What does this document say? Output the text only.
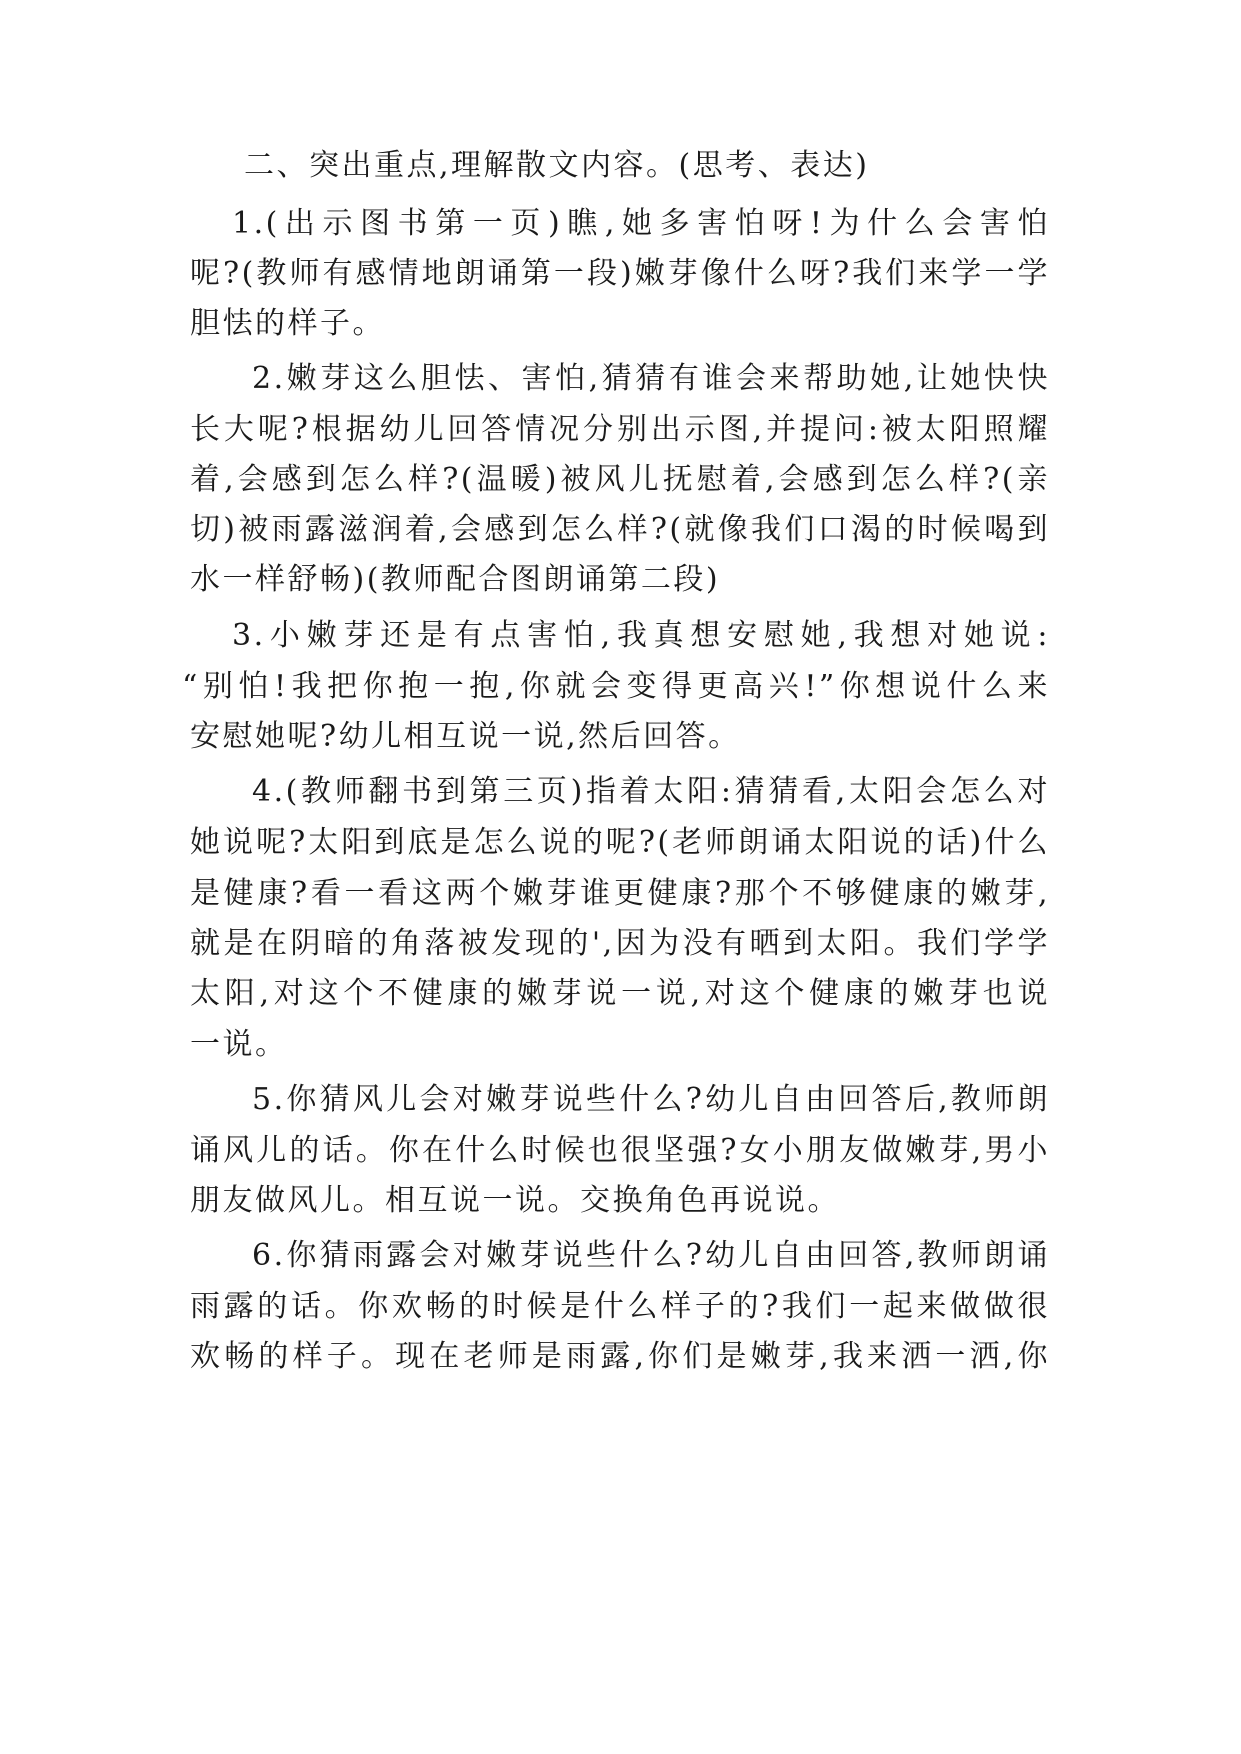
二、突出重点,理解散文内容。(思考、表达)
1.(出示图书第一页)瞧,她多害怕呀!为什么会害怕
呢?(教师有感情地朗诵第一段)嫩芽像什么呀?我们来学一学
胆怯的样子。
2.嫩芽这么胆怯、害怕,猜猜有谁会来帮助她,让她快快
长大呢?根据幼儿回答情况分别出示图,并提问:被太阳照耀
着,会感到怎么样?(温暖)被风儿抚慰着,会感到怎么样?(亲
切)被雨露滋润着,会感到怎么样?(就像我们口渴的时候喝到
水一样舒畅)(教师配合图朗诵第二段)
3.小嫩芽还是有点害怕,我真想安慰她,我想对她说:
“别怕!我把你抱一抱,你就会变得更高兴!”你想说什么来
安慰她呢?幼儿相互说一说,然后回答。
4.(教师翻书到第三页)指着太阳:猜猜看,太阳会怎么对
她说呢?太阳到底是怎么说的呢?(老师朗诵太阳说的话)什么
是健康?看一看这两个嫩芽谁更健康?那个不够健康的嫩芽,
就是在阴暗的角落被发现的',因为没有晒到太阳。我们学学
太阳,对这个不健康的嫩芽说一说,对这个健康的嫩芽也说
一说。
5.你猜风儿会对嫩芽说些什么?幼儿自由回答后,教师朗
诵风儿的话。你在什么时候也很坚强?女小朋友做嫩芽,男小
朋友做风儿。相互说一说。交换角色再说说。
6.你猜雨露会对嫩芽说些什么?幼儿自由回答,教师朗诵
雨露的话。你欢畅的时候是什么样子的?我们一起来做做很
欢畅的样子。现在老师是雨露,你们是嫩芽,我来洒一洒,你
